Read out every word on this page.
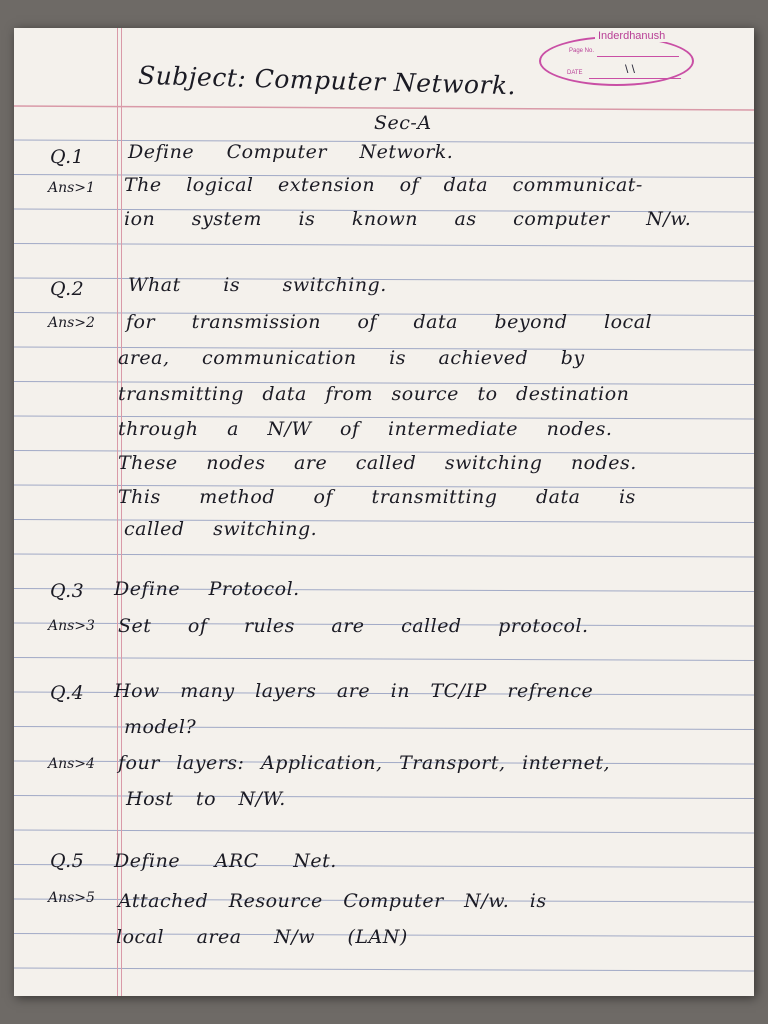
Inderdhanush
Page No.
DATE	\ \
Subject: Computer Network.
Sec-A
Q.1 Define Computer Network.
Ans>1 The logical extension of data communicat-
ion system is known as computer N/w.
Q.2 What is switching.
Ans>2 for transmission of data beyond local
area, communication is achieved by
transmitting data from source to destination
through a N/W of intermediate nodes.
These nodes are called switching nodes.
This method of transmitting data is
called switching.
Q.3 Define Protocol.
Ans>3 Set of rules are called protocol.
Q.4 How many layers are in TC/IP refrence
model?
Ans>4 four layers: Application, Transport, internet,
Host to N/W.
Q.5 Define ARC Net.
Ans>5 Attached Resource Computer N/w. is
local area N/w (LAN)
